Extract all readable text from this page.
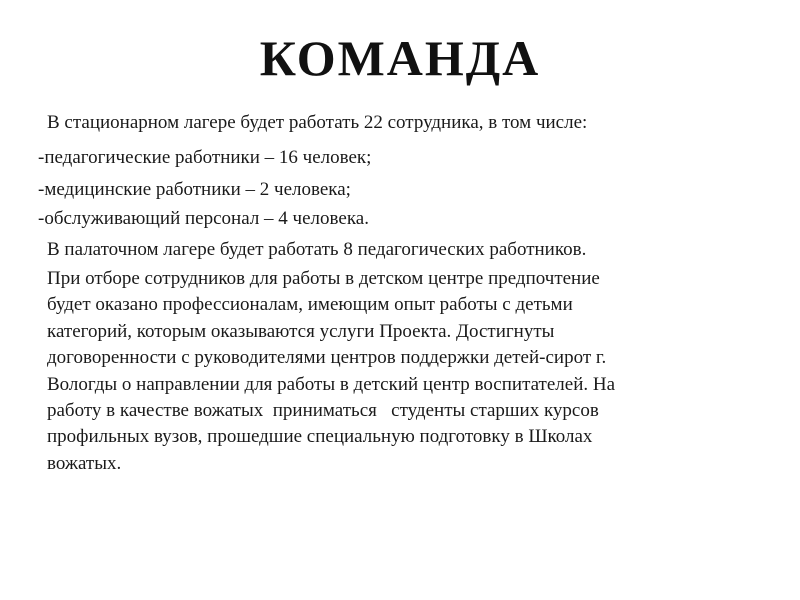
КОМАНДА
В стационарном лагере будет работать 22 сотрудника, в том числе:
-педагогические работники – 16 человек;
-медицинские работники – 2 человека;
-обслуживающий персонал – 4 человека.
В палаточном лагере будет работать 8 педагогических работников.
При отборе сотрудников для работы в детском центре предпочтение
будет оказано профессионалам, имеющим опыт работы с детьми
категорий, которым оказываются услуги Проекта. Достигнуты
договоренности с руководителями центров поддержки детей-сирот г.
Вологды о направлении для работы в детский центр воспитателей. На
работу в качестве вожатых  приниматься   студенты старших курсов
профильных вузов, прошедшие специальную подготовку в Школах
вожатых.
